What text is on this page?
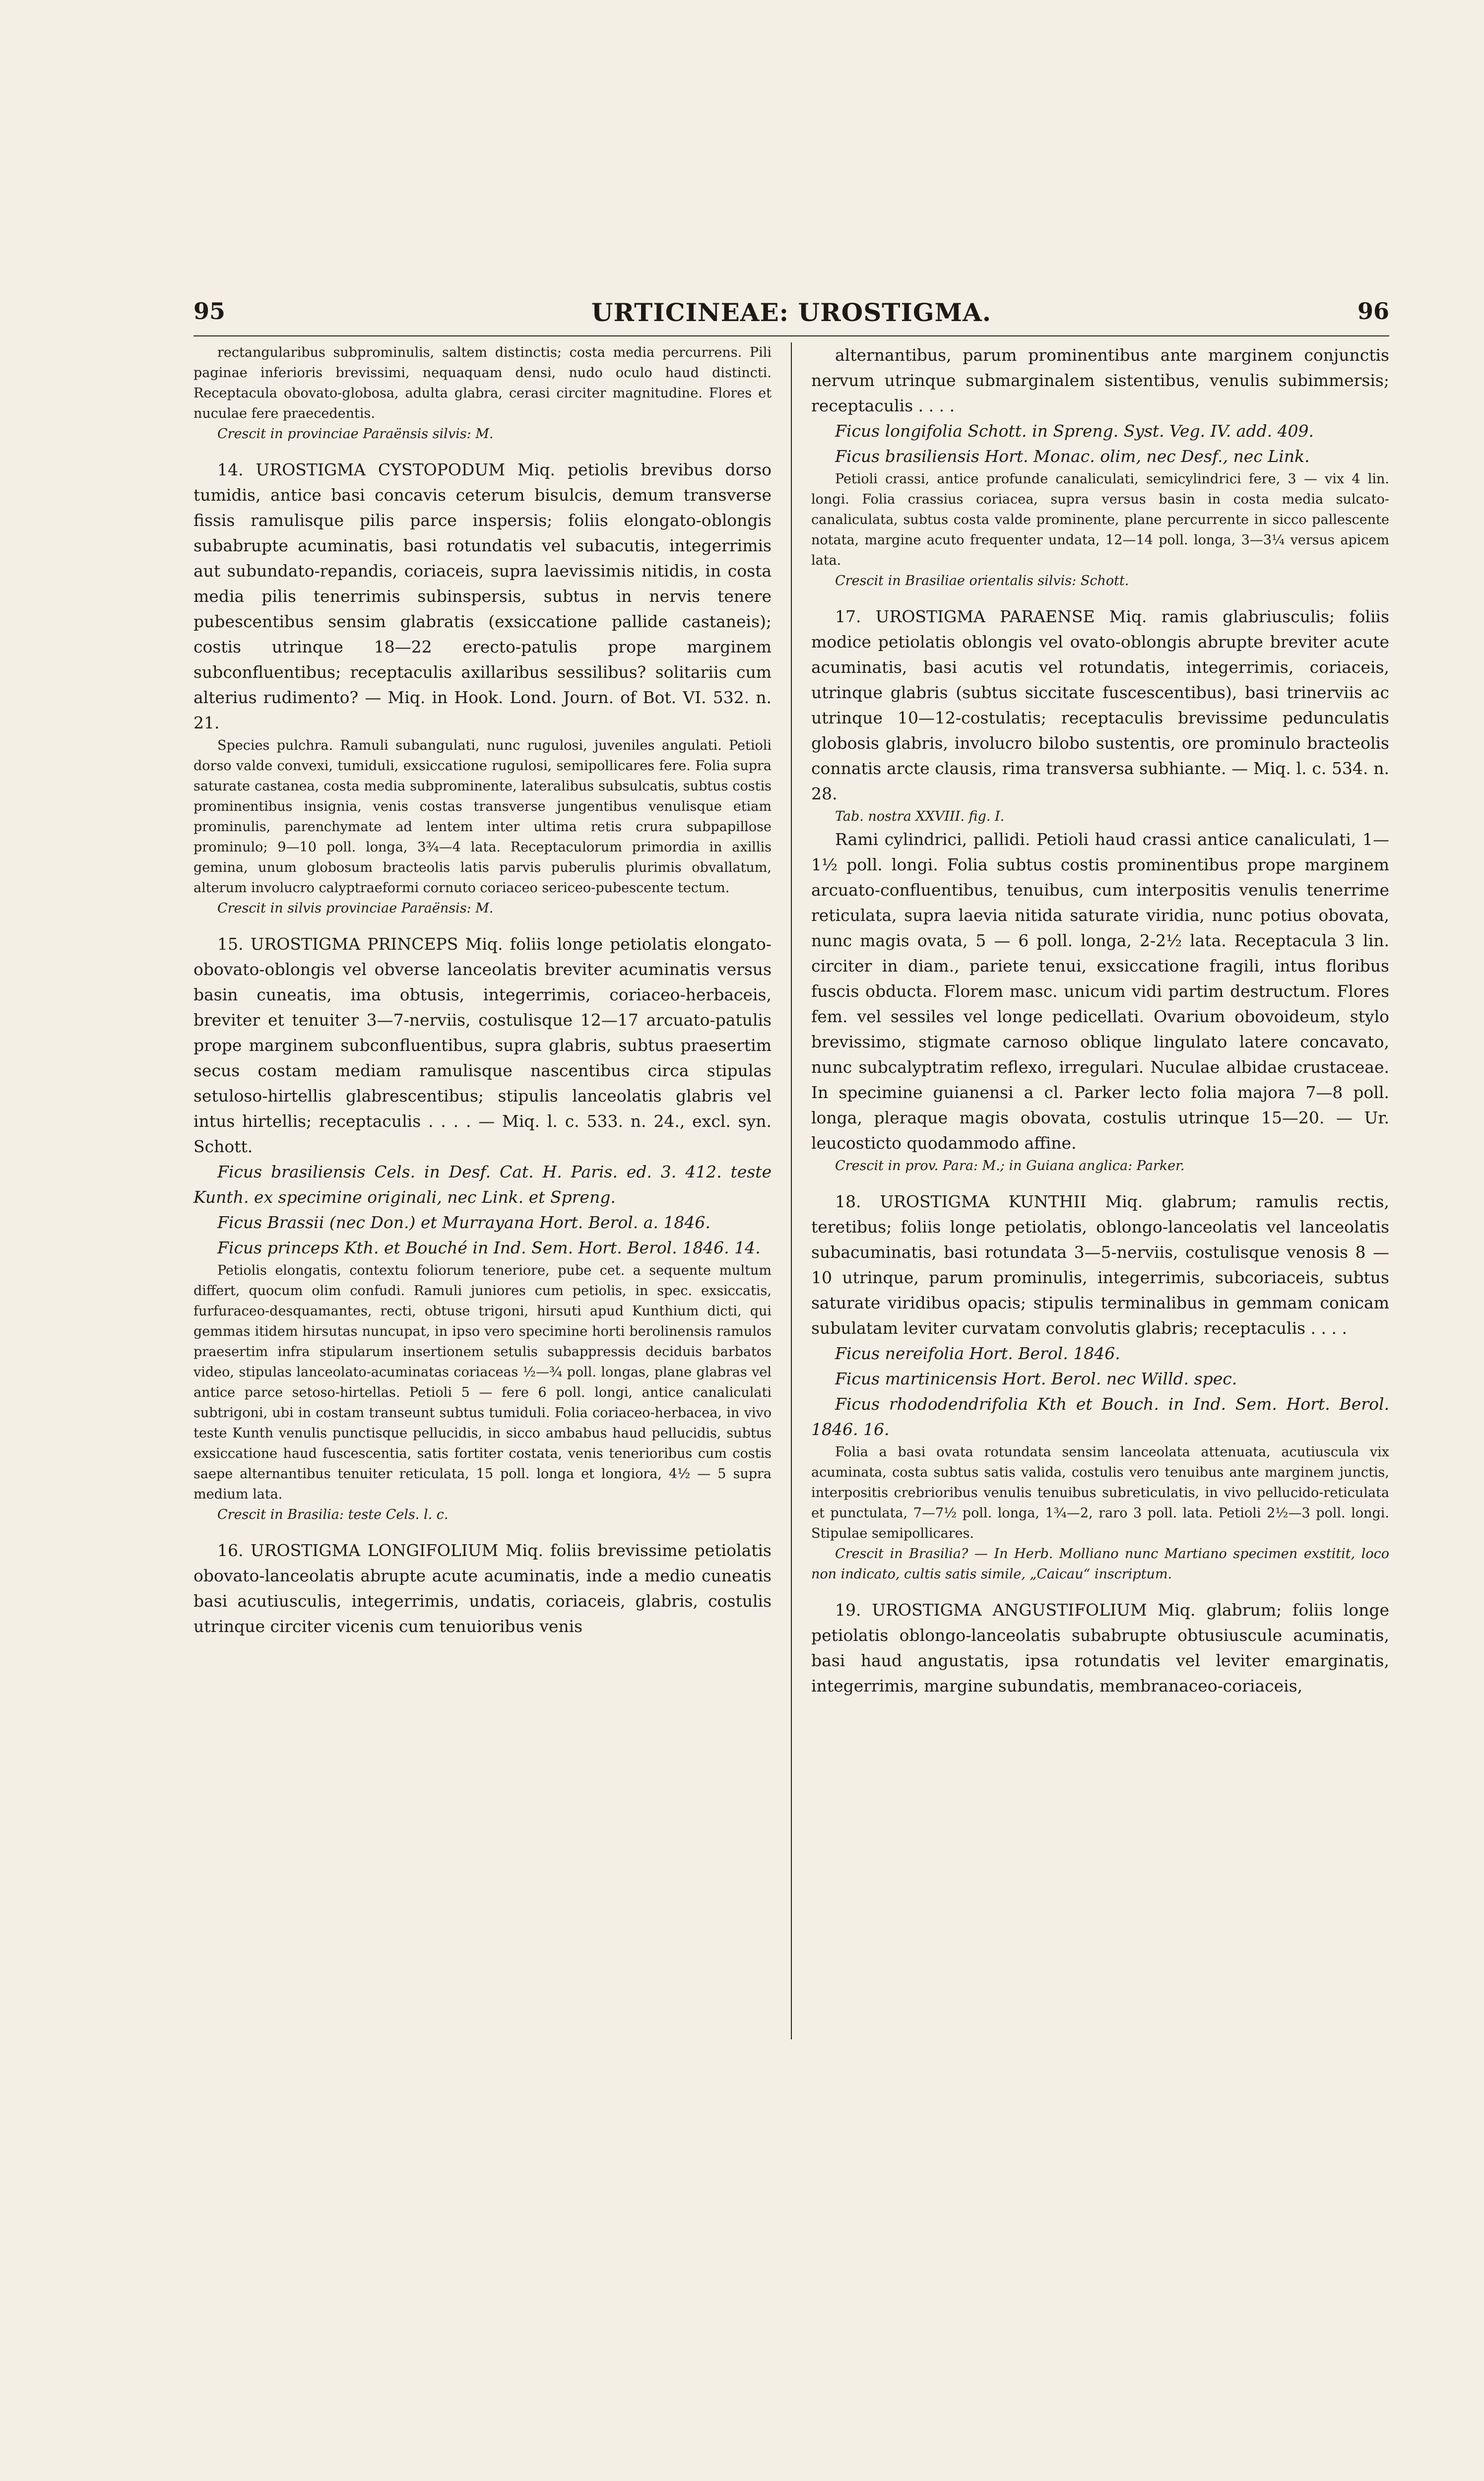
95	URTICINEAE: UROSTIGMA.	96

rectangularibus subprominulis, saltem distinctis; costa media percurrens. Pili paginae inferioris brevissimi, nequaquam densi, nudo oculo haud distincti. Receptacula obovato-globosa, adulta glabra, cerasi circiter magnitudine. Flores et nuculae fere praecedentis.

Crescit in provinciae Paraënsis silvis: M.

14. UROSTIGMA CYSTOPODUM Miq. petiolis brevibus dorso tumidis, antice basi concavis ceterum bisulcis, demum transverse fissis ramulisque pilis parce inspersis; foliis elongato-oblongis subabrupte acuminatis, basi rotundatis vel subacutis, integerrimis aut subundato-repandis, coriaceis, supra laevissimis nitidis, in costa media pilis tenerrimis subinspersis, subtus in nervis tenere pubescentibus sensim glabratis (exsiccatione pallide castaneis); costis utrinque 18—22 erecto-patulis prope marginem subconfluentibus; receptaculis axillaribus sessilibus? solitariis cum alterius rudimento? — Miq. in Hook. Lond. Journ. of Bot. VI. 532. n. 21.

Species pulchra. Ramuli subangulati, nunc rugulosi, juveniles angulati. Petioli dorso valde convexi, tumiduli, exsiccatione rugulosi, semipollicares fere. Folia supra saturate castanea, costa media subprominente, lateralibus subsulcatis, subtus costis prominentibus insignia, venis costas transverse jungentibus venulisque etiam prominulis, parenchymate ad lentem inter ultima retis crura subpapillose prominulo; 9—10 poll. longa, 3¾—4 lata. Receptaculorum primordia in axillis gemina, unum globosum bracteolis latis parvis puberulis plurimis obvallatum, alterum involucro calyptraeformi cornuto coriaceo sericeo-pubescente tectum.

Crescit in silvis provinciae Paraënsis: M.

15. UROSTIGMA PRINCEPS Miq. foliis longe petiolatis elongato-obovato-oblongis vel obverse lanceolatis breviter acuminatis versus basin cuneatis, ima obtusis, integerrimis, coriaceo-herbaceis, breviter et tenuiter 3—7-nerviis, costulisque 12—17 arcuato-patulis prope marginem subconfluentibus, supra glabris, subtus praesertim secus costam mediam ramulisque nascentibus circa stipulas setuloso-hirtellis glabrescentibus; stipulis lanceolatis glabris vel intus hirtellis; receptaculis . . . . — Miq. l. c. 533. n. 24., excl. syn. Schott.

Ficus brasiliensis Cels. in Desf. Cat. H. Paris. ed. 3. 412. teste Kunth. ex specimine originali, nec Link. et Spreng.

Ficus Brassii (nec Don.) et Murrayana Hort. Berol. a. 1846.

Ficus princeps Kth. et Bouché in Ind. Sem. Hort. Berol. 1846. 14.

Petiolis elongatis, contextu foliorum teneriore, pube cet. a sequente multum differt, quocum olim confudi. Ramuli juniores cum petiolis, in spec. exsiccatis, furfuraceo-desquamantes, recti, obtuse trigoni, hirsuti apud Kunthium dicti, qui gemmas itidem hirsutas nuncupat, in ipso vero specimine horti berolinensis ramulos praesertim infra stipularum insertionem setulis subappressis deciduis barbatos video, stipulas lanceolato-acuminatas coriaceas ½—¾ poll. longas, plane glabras vel antice parce setoso-hirtellas. Petioli 5 — fere 6 poll. longi, antice canaliculati subtrigoni, ubi in costam transeunt subtus tumiduli. Folia coriaceo-herbacea, in vivo teste Kunth venulis punctisque pellucidis, in sicco ambabus haud pellucidis, subtus exsiccatione haud fuscescentia, satis fortiter costata, venis tenerioribus cum costis saepe alternantibus tenuiter reticulata, 15 poll. longa et longiora, 4½ — 5 supra medium lata.

Crescit in Brasilia: teste Cels. l. c.

16. UROSTIGMA LONGIFOLIUM Miq. foliis brevissime petiolatis obovato-lanceolatis abrupte acute acuminatis, inde a medio cuneatis basi acutiusculis, integerrimis, undatis, coriaceis, glabris, costulis utrinque circiter vicenis cum tenuioribus venis

alternantibus, parum prominentibus ante marginem conjunctis nervum utrinque submarginalem sistentibus, venulis subimmersis; receptaculis . . . .

Ficus longifolia Schott. in Spreng. Syst. Veg. IV. add. 409.

Ficus brasiliensis Hort. Monac. olim, nec Desf., nec Link.

Petioli crassi, antice profunde canaliculati, semicylindrici fere, 3 — vix 4 lin. longi. Folia crassius coriacea, supra versus basin in costa media sulcato-canaliculata, subtus costa valde prominente, plane percurrente in sicco pallescente notata, margine acuto frequenter undata, 12—14 poll. longa, 3—3¼ versus apicem lata.

Crescit in Brasiliae orientalis silvis: Schott.

17. UROSTIGMA PARAENSE Miq. ramis glabriusculis; foliis modice petiolatis oblongis vel ovato-oblongis abrupte breviter acute acuminatis, basi acutis vel rotundatis, integerrimis, coriaceis, utrinque glabris (subtus siccitate fuscescentibus), basi trinerviis ac utrinque 10—12-costulatis; receptaculis brevissime pedunculatis globosis glabris, involucro bilobo sustentis, ore prominulo bracteolis connatis arcte clausis, rima transversa subhiante. — Miq. l. c. 534. n. 28.

Tab. nostra XXVIII. fig. I.

Rami cylindrici, pallidi. Petioli haud crassi antice canaliculati, 1—1½ poll. longi. Folia subtus costis prominentibus prope marginem arcuato-confluentibus, tenuibus, cum interpositis venulis tenerrime reticulata, supra laevia nitida saturate viridia, nunc potius obovata, nunc magis ovata, 5 — 6 poll. longa, 2-2½ lata. Receptacula 3 lin. circiter in diam., pariete tenui, exsiccatione fragili, intus floribus fuscis obducta. Florem masc. unicum vidi partim destructum. Flores fem. vel sessiles vel longe pedicellati. Ovarium obovoideum, stylo brevissimo, stigmate carnoso oblique lingulato latere concavato, nunc subcalyptratim reflexo, irregulari. Nuculae albidae crustaceae. In specimine guianensi a cl. Parker lecto folia majora 7—8 poll. longa, pleraque magis obovata, costulis utrinque 15—20. — Ur. leucosticto quodammodo affine.

Crescit in prov. Para: M.; in Guiana anglica: Parker.

18. UROSTIGMA KUNTHII Miq. glabrum; ramulis rectis, teretibus; foliis longe petiolatis, oblongo-lanceolatis vel lanceolatis subacuminatis, basi rotundata 3—5-nerviis, costulisque venosis 8 — 10 utrinque, parum prominulis, integerrimis, subcoriaceis, subtus saturate viridibus opacis; stipulis terminalibus in gemmam conicam subulatam leviter curvatam convolutis glabris; receptaculis . . . .

Ficus nereifolia Hort. Berol. 1846.

Ficus martinicensis Hort. Berol. nec Willd. spec.

Ficus rhododendrifolia Kth et Bouch. in Ind. Sem. Hort. Berol. 1846. 16.

Folia a basi ovata rotundata sensim lanceolata attenuata, acutiuscula vix acuminata, costa subtus satis valida, costulis vero tenuibus ante marginem junctis, interpositis crebrioribus venulis tenuibus subreticulatis, in vivo pellucido-reticulata et punctulata, 7—7½ poll. longa, 1¾—2, raro 3 poll. lata. Petioli 2½—3 poll. longi. Stipulae semipollicares.

Crescit in Brasilia? — In Herb. Molliano nunc Martiano specimen exstitit, loco non indicato, cultis satis simile, „Caicau“ inscriptum.

19. UROSTIGMA ANGUSTIFOLIUM Miq. glabrum; foliis longe petiolatis oblongo-lanceolatis subabrupte obtusiuscule acuminatis, basi haud angustatis, ipsa rotundatis vel leviter emarginatis, integerrimis, margine subundatis, membranaceo-coriaceis,
